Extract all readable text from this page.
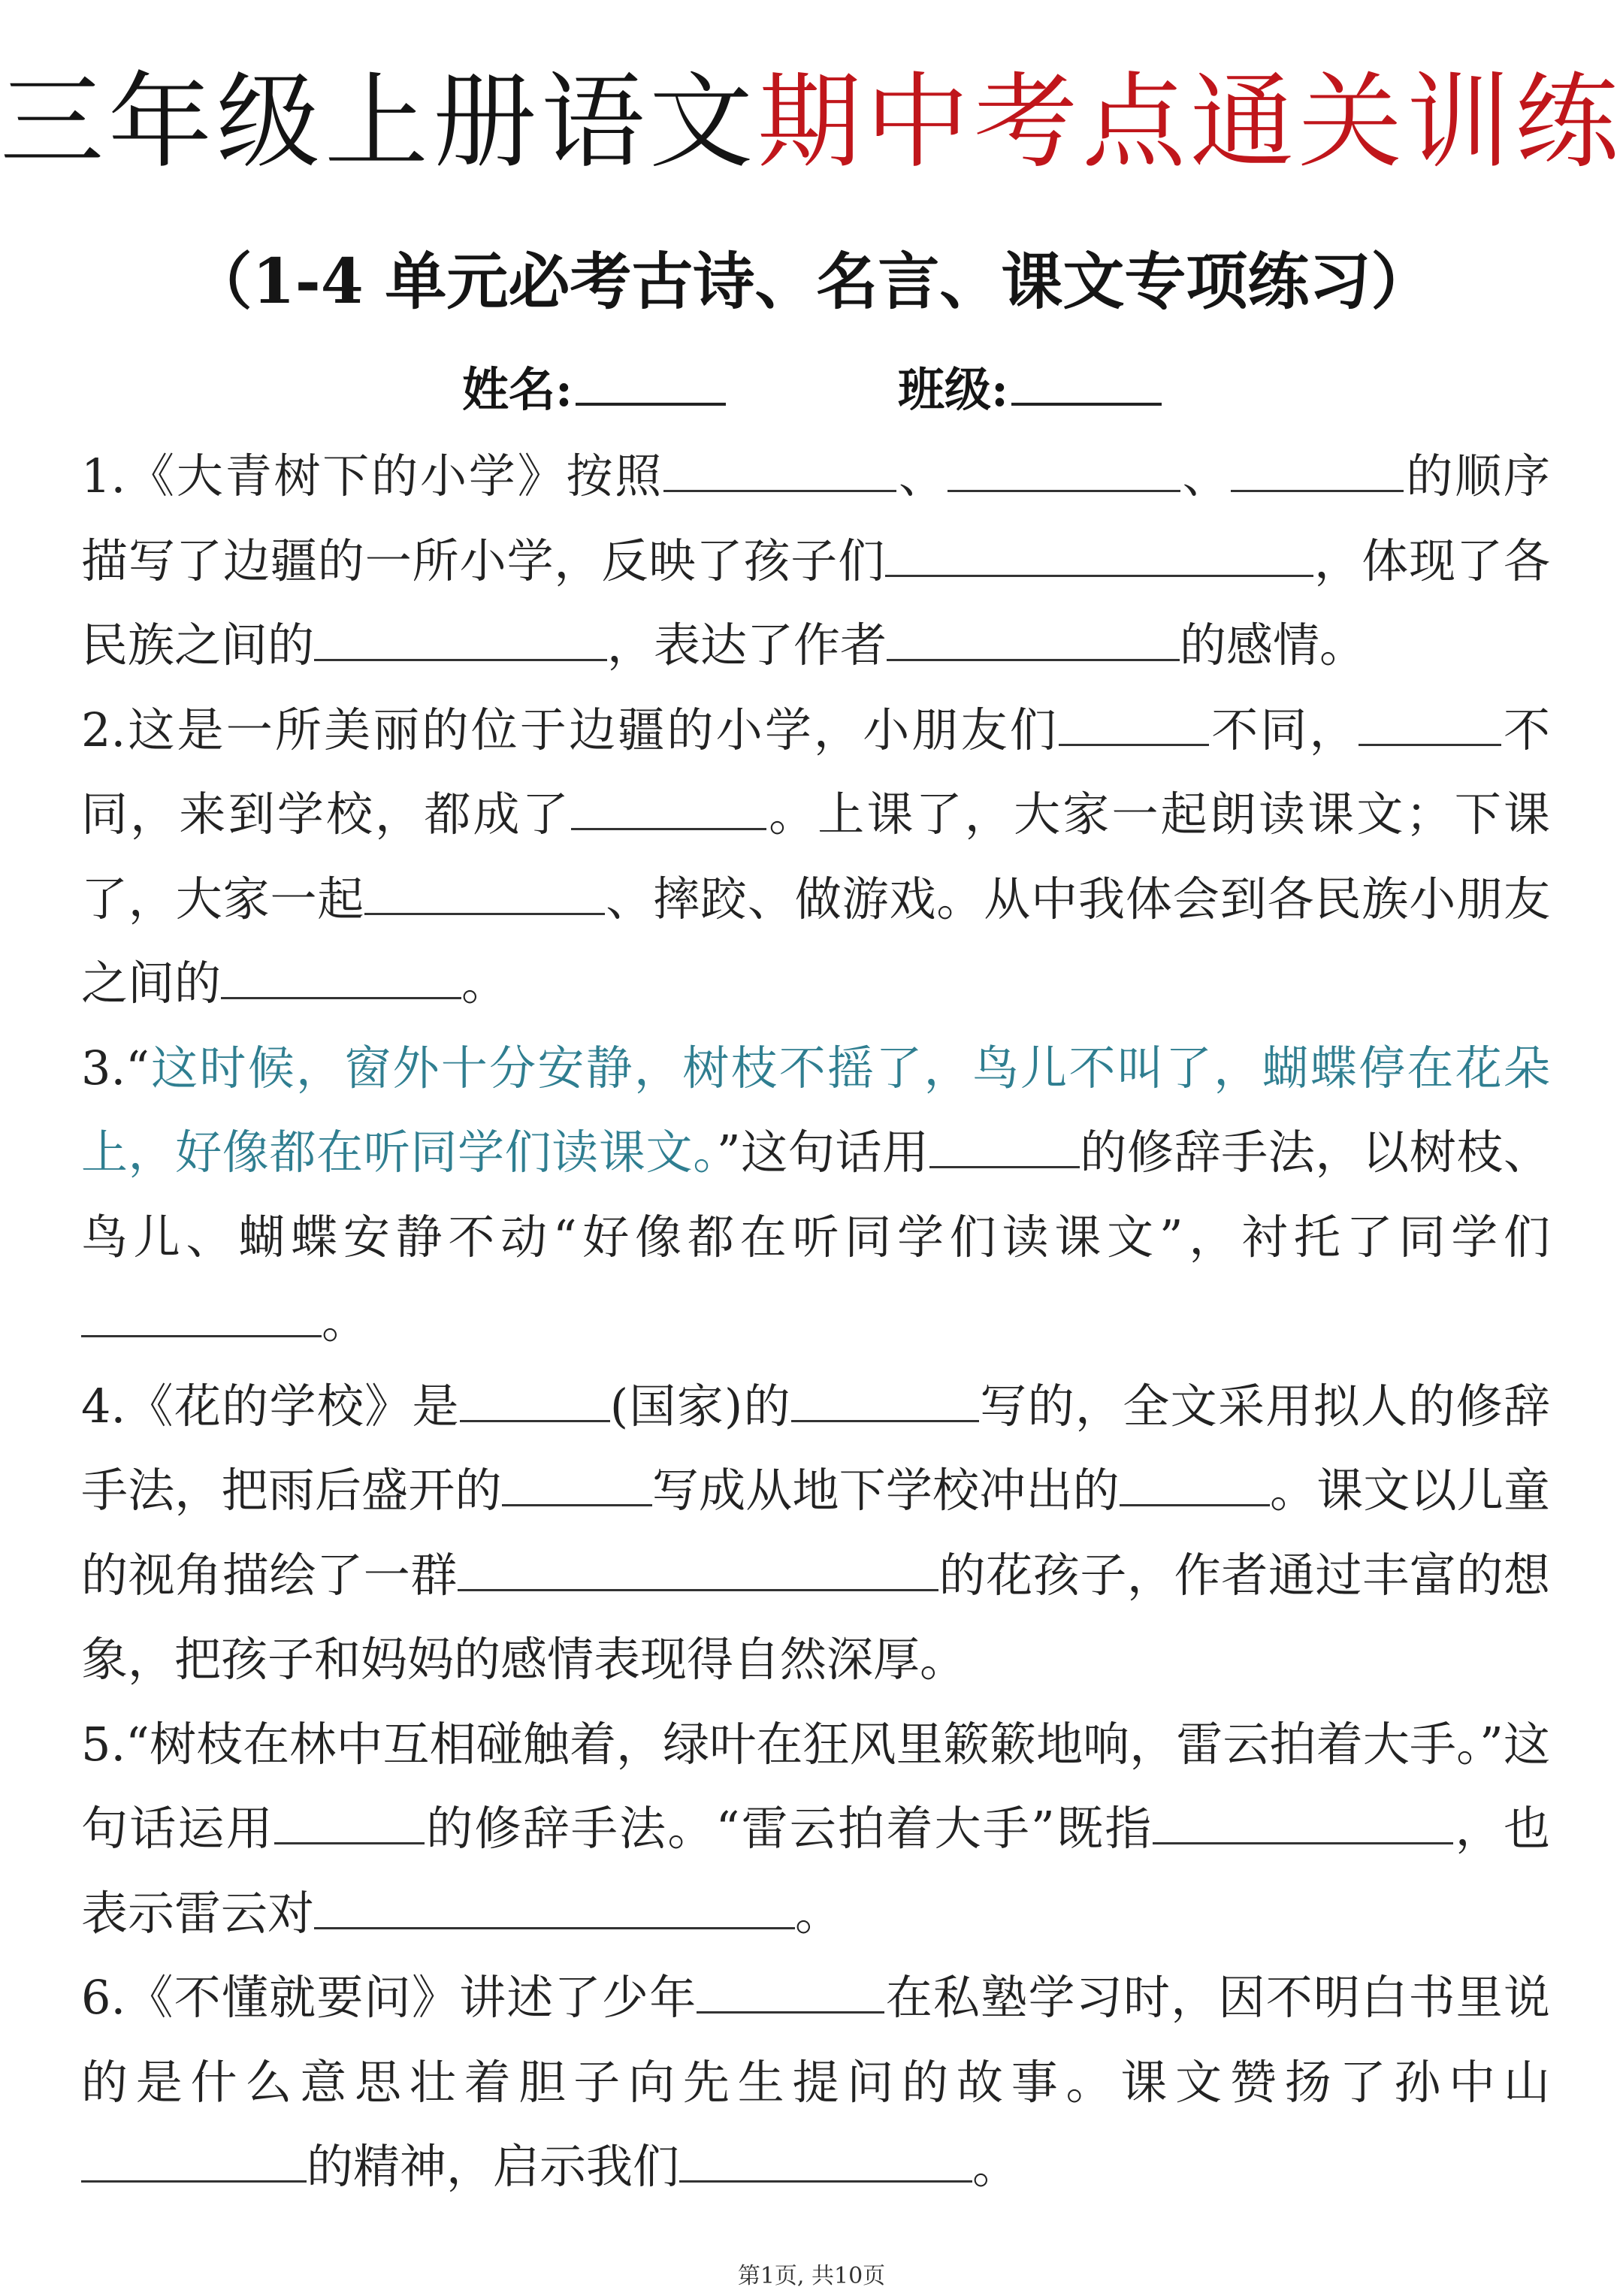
三年级上册语文期中考点通关训练
（1-4 单元必考古诗、名言、课文专项练习）
姓名:	班级:

1.《大青树下的小学》按照	、	、	的顺序描写了边疆的一所小学，反映了孩子们	，体现了各民族之间的	，表达了作者	的感情。

2.这是一所美丽的位于边疆的小学，小朋友们	不同，	不同，来到学校，都成了	。上课了，大家一起朗读课文；下课了，大家一起	、摔跤、做游戏。从中我体会到各民族小朋友之间的	。

3.“这时候，窗外十分安静，树枝不摇了，鸟儿不叫了，蝴蝶停在花朵上，好像都在听同学们读课文。”这句话用	的修辞手法，以树枝、鸟儿、蝴蝶安静不动“好像都在听同学们读课文”，衬托了同学们。

4.《花的学校》是	(国家)的	写的，全文采用拟人的修辞手法，把雨后盛开的	写成从地下学校冲出的	。课文以儿童的视角描绘了一群	的花孩子，作者通过丰富的想象，把孩子和妈妈的感情表现得自然深厚。

5.“树枝在林中互相碰触着，绿叶在狂风里簌簌地响，雷云拍着大手。”这句话运用	的修辞手法。“雷云拍着大手”既指	，也表示雷云对	。

6.《不懂就要问》讲述了少年	在私塾学习时，因不明白书里说的是什么意思壮着胆子向先生提问的故事。课文赞扬了孙中山的精神，启示我们	。

第1页, 共10页
